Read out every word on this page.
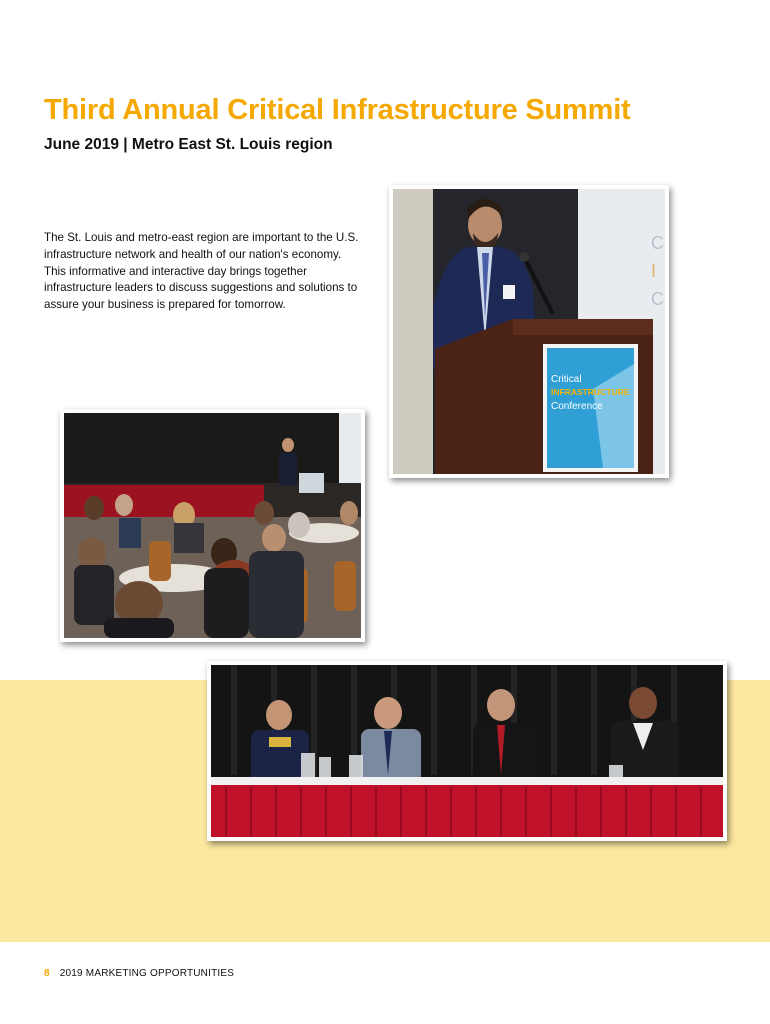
Third Annual Critical Infrastructure Summit
June 2019 | Metro East St. Louis region

The St. Louis and metro-east region are important to the U.S. infrastructure network and health of our nation's economy. This informative and interactive day brings together infrastructure leaders to discuss suggestions and solutions to assure your business is prepared for tomorrow.

C
I
C
Critical
INFRASTRUCTURE
Conference

8 2019 MARKETING OPPORTUNITIES
